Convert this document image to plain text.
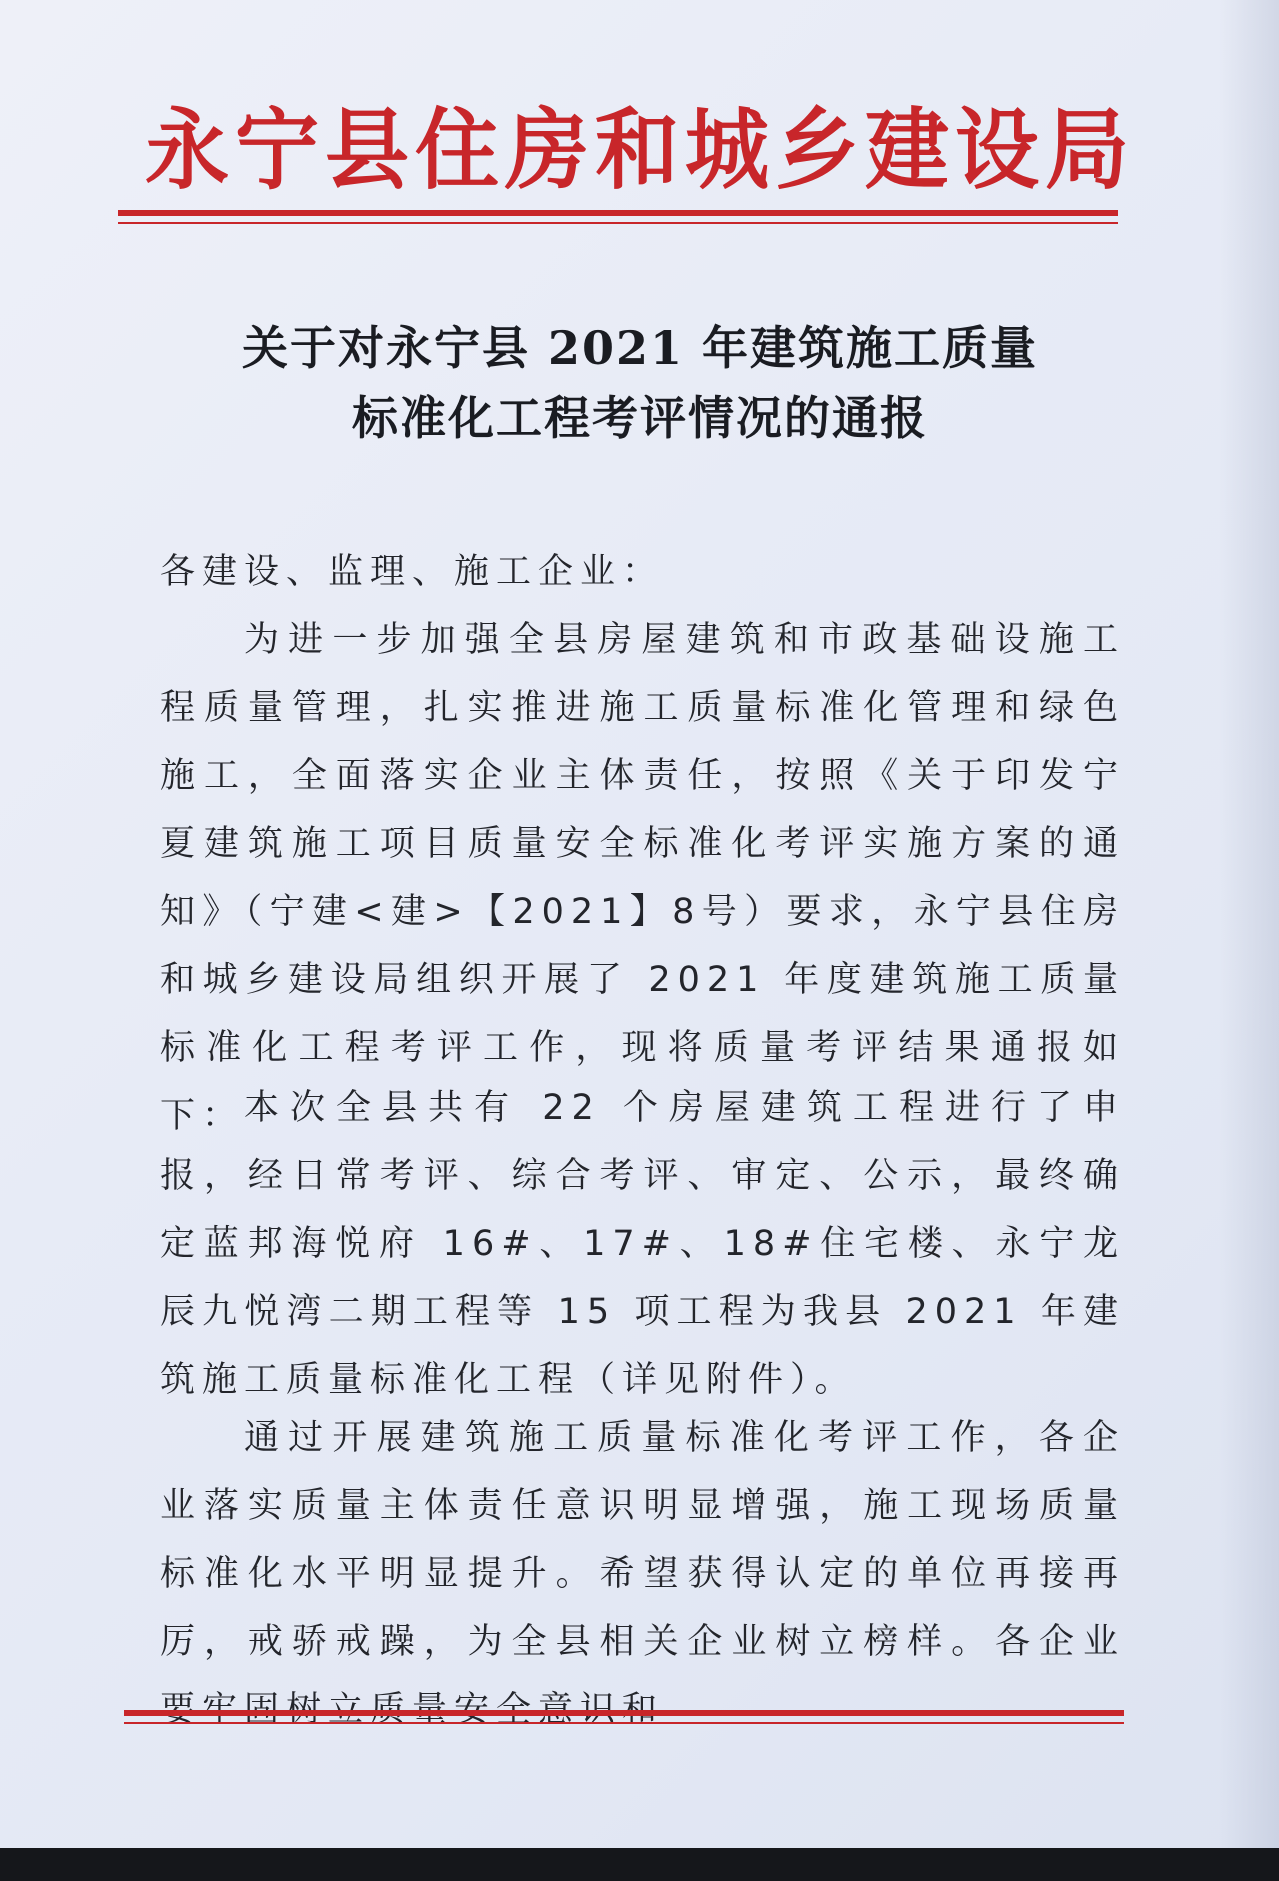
永宁县住房和城乡建设局
关于对永宁县 2021 年建筑施工质量
标准化工程考评情况的通报
各建设、监理、施工企业：
为进一步加强全县房屋建筑和市政基础设施工程质量管理，扎实推进施工质量标准化管理和绿色施工，全面落实企业主体责任，按照《关于印发宁夏建筑施工项目质量安全标准化考评实施方案的通知》（宁建<建>【2021】8号）要求，永宁县住房和城乡建设局组织开展了 2021 年度建筑施工质量标准化工程考评工作，现将质量考评结果通报如下： 本次全县共有 22 个房屋建筑工程进行了申报，经日常考评、综合考评、审定、公示，最终确定蓝邦海悦府 16#、17#、18#住宅楼、永宁龙辰九悦湾二期工程等 15 项工程为我县 2021 年建筑施工质量标准化工程（详见附件）。
通过开展建筑施工质量标准化考评工作，各企业落实质量主体责任意识明显增强，施工现场质量标准化水平明显提升。希望获得认定的单位再接再厉，戒骄戒躁，为全县相关企业树立榜样。各企业
